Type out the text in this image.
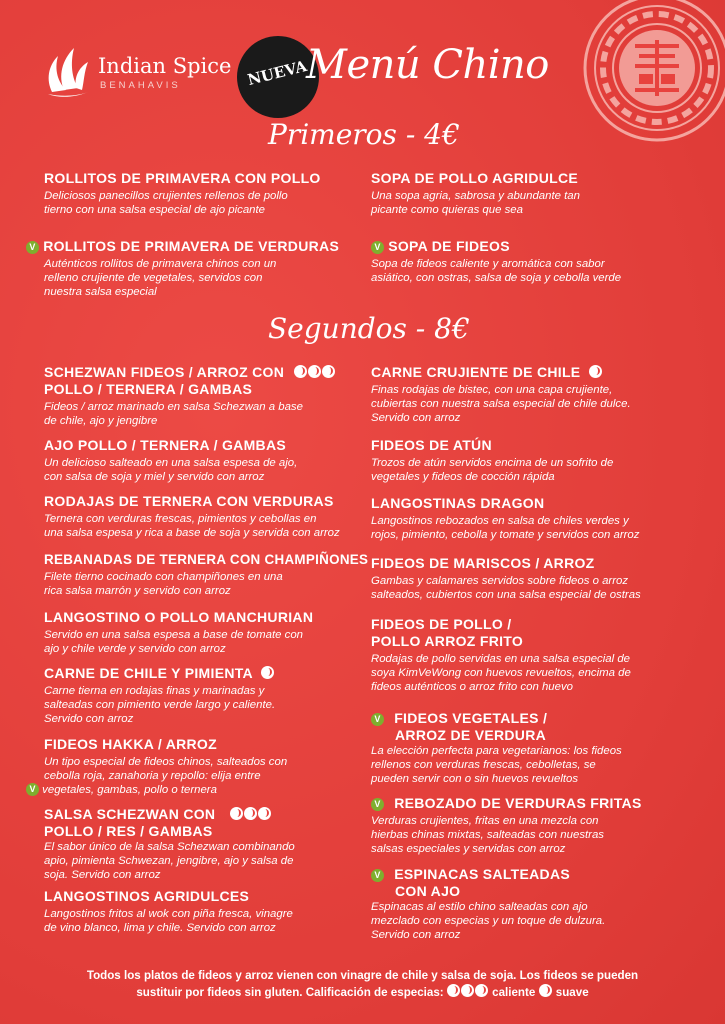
Indian Spice
BENAHAVIS	NUEVA
Menú Chino
Primeros - 4€
Segundos - 8€
ROLLITOS DE PRIMAVERA CON POLLO
Deliciosos panecillos crujientes rellenos de pollo
tierno con una salsa especial de ajo picante
SOPA DE POLLO AGRIDULCE
Una sopa agria, sabrosa y abundante tan
picante como quieras que sea
V ROLLITOS DE PRIMAVERA DE VERDURAS
Auténticos rollitos de primavera chinos con un
relleno crujiente de vegetales, servidos con
nuestra salsa especial
V SOPA DE FIDEOS
Sopa de fideos caliente y aromática con sabor
asiático, con ostras, salsa de soja y cebolla verde
SCHEZWAN FIDEOS / ARROZ CON
POLLO / TERNERA / GAMBAS
Fideos / arroz marinado en salsa Schezwan a base
de chile, ajo y jengibre
AJO POLLO / TERNERA / GAMBAS
Un delicioso salteado en una salsa espesa de ajo,
con salsa de soja y miel y servido con arroz
RODAJAS DE TERNERA CON VERDURAS
Ternera con verduras frescas, pimientos y cebollas en
una salsa espesa y rica a base de soja y servida con arroz
REBANADAS DE TERNERA CON CHAMPIÑONES
Filete tierno cocinado con champiñones en una
rica salsa marrón y servido con arroz
LANGOSTINO O POLLO MANCHURIAN
Servido en una salsa espesa a base de tomate con
ajo y chile verde y servido con arroz
CARNE DE CHILE Y PIMIENTA
Carne tierna en rodajas finas y marinadas y
salteadas con pimiento verde largo y caliente.
Servido con arroz
FIDEOS HAKKA / ARROZ
Un tipo especial de fideos chinos, salteados con
cebolla roja, zanahoria y repollo: elija entre
V vegetales, gambas, pollo o ternera
SALSA SCHEZWAN CON
POLLO / RES / GAMBAS
El sabor único de la salsa Schezwan combinando
apio, pimienta Schwezan, jengibre, ajo y salsa de
soja. Servido con arroz
LANGOSTINOS AGRIDULCES
Langostinos fritos al wok con piña fresca, vinagre
de vino blanco, lima y chile. Servido con arroz
CARNE CRUJIENTE DE CHILE
Finas rodajas de bistec, con una capa crujiente,
cubiertas con nuestra salsa especial de chile dulce.
Servido con arroz
FIDEOS DE ATÚN
Trozos de atún servidos encima de un sofrito de
vegetales y fideos de cocción rápida
LANGOSTINAS DRAGON
Langostinos rebozados en salsa de chiles verdes y
rojos, pimiento, cebolla y tomate y servidos con arroz
FIDEOS DE MARISCOS / ARROZ
Gambas y calamares servidos sobre fideos o arroz
salteados, cubiertos con una salsa especial de ostras
FIDEOS DE POLLO /
POLLO ARROZ FRITO
Rodajas de pollo servidas en una salsa especial de
soya KimVeWong con huevos revueltos, encima de
fideos auténticos o arroz frito con huevo
V FIDEOS VEGETALES /
ARROZ DE VERDURA
La elección perfecta para vegetarianos: los fideos
rellenos con verduras frescas, cebolletas, se
pueden servir con o sin huevos revueltos
V REBOZADO DE VERDURAS FRITAS
Verduras crujientes, fritas en una mezcla con
hierbas chinas mixtas, salteadas con nuestras
salsas especiales y servidas con arroz
V ESPINACAS SALTEADAS
CON AJO
Espinacas al estilo chino salteadas con ajo
mezclado con especias y un toque de dulzura.
Servido con arroz
Todos los platos de fideos y arroz vienen con vinagre de chile y salsa de soja. Los fideos se pueden
sustituir por fideos sin gluten. Calificación de especias:	caliente suave
